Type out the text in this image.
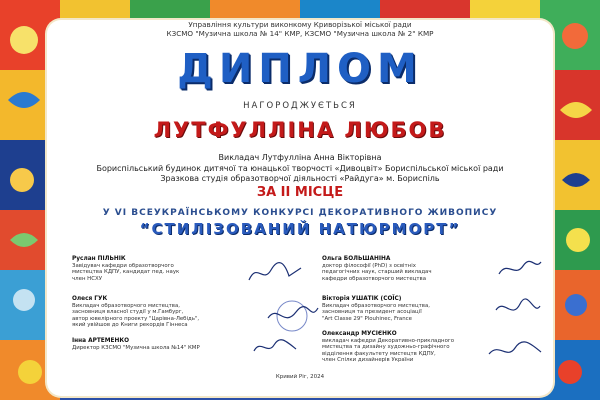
Управління культури виконкому Криворізької міської ради
КЗСМО "Музична школа № 14" КМР, КЗСМО "Музична школа № 2" КМР
ДИПЛОМ
НАГОРОДЖУЄТЬСЯ
ЛУТФУЛЛІНА ЛЮБОВ
Викладач Лутфулліна Анна Вікторівна
Бориспільський будинок дитячої та юнацької творчості «Дивоцвіт» Бориспільської міської ради
Зразкова студія образотворчої діяльності «Райдуга» м. Бориспіль
ЗА ІІ МІСЦЕ
У VI ВСЕУКРАЇНСЬКОМУ КОНКУРСІ ДЕКОРАТИВНОГО ЖИВОПИСУ
“СТИЛІЗОВАНИЙ НАТЮРМОРТ”
Руслан ПІЛЬНІК
Завідувач кафедри образотворчого
мистецтва КДПУ, кандидат пед. наук
член НСХУ
Олеся ГУК
Викладач образотворчого мистецтва,
засновниця власної студії у м.Гамбург,
автор ювелірного проекту "Царівна-Лебідь",
який увійшов до Книги рекордів Гіннеса
Інна АРТЕМЕНКО
Директор КЗСМО "Музична школа №14" КМР
Ольга БОЛЬШАНІНА
доктор філософії (PhD) з освітніх
педагогічних наук, старший викладач
кафедри образотворчого мистецтва
Вікторія УШАТІК (СОЇС)
Викладач образотворчого мистецтва,
засновниця та президент асоціації
"Art Classe 29" Plouhinec, France
Олександр МУСІЄНКО
викладач кафедри Декоративно-прикладного
мистецтва та дизайну художньо-графічного
відділення факультету мистецтв КДПУ,
член Спілки дизайнерів України
Кривий Ріг, 2024
